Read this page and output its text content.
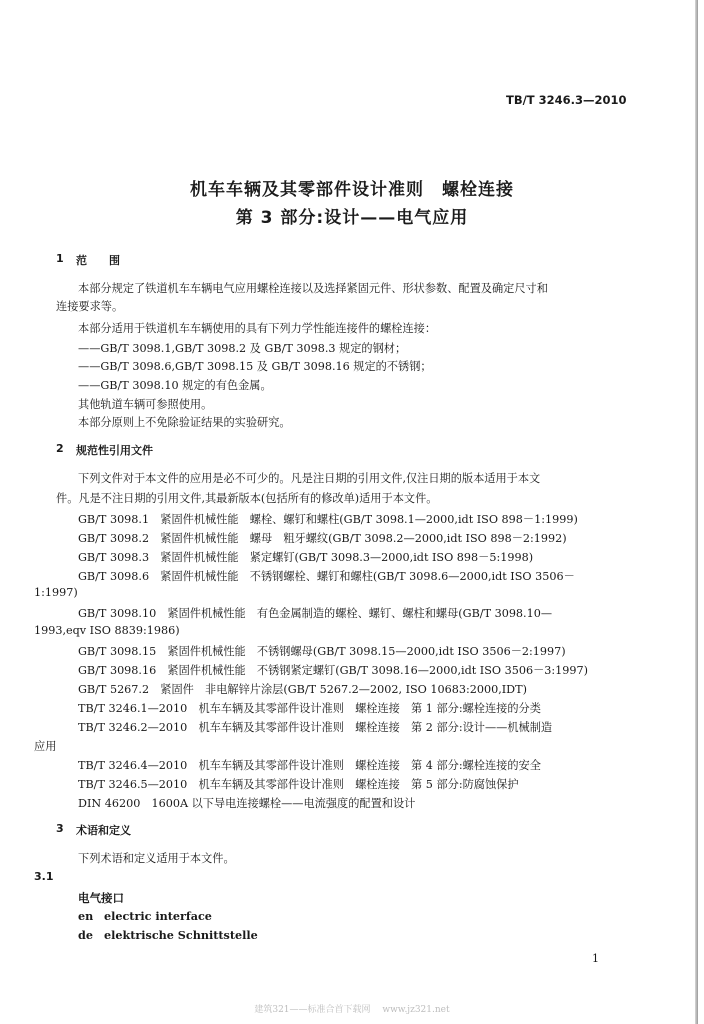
TB/T 3246.3—2010
机车车辆及其零部件设计准则　螺栓连接
第 3 部分:设计——电气应用
1 范　　围
本部分规定了铁道机车车辆电气应用螺栓连接以及选择紧固元件、形状参数、配置及确定尺寸和
连接要求等。
本部分适用于铁道机车车辆使用的具有下列力学性能连接件的螺栓连接：
——GB/T 3098.1,GB/T 3098.2 及 GB/T 3098.3 规定的钢材；
——GB/T 3098.6,GB/T 3098.15 及 GB/T 3098.16 规定的不锈钢；
——GB/T 3098.10 规定的有色金属。
其他轨道车辆可参照使用。
本部分原则上不免除验证结果的实验研究。
2 规范性引用文件
下列文件对于本文件的应用是必不可少的。凡是注日期的引用文件,仅注日期的版本适用于本文
件。凡是不注日期的引用文件,其最新版本(包括所有的修改单)适用于本文件。
GB/T 3098.1　紧固件机械性能　螺栓、螺钉和螺柱(GB/T 3098.1—2000,idt ISO 898－1:1999)
GB/T 3098.2　紧固件机械性能　螺母　粗牙螺纹(GB/T 3098.2—2000,idt ISO 898－2:1992)
GB/T 3098.3　紧固件机械性能　紧定螺钉(GB/T 3098.3—2000,idt ISO 898－5:1998)
GB/T 3098.6　紧固件机械性能　不锈钢螺栓、螺钉和螺柱(GB/T 3098.6—2000,idt ISO 3506－
1:1997)
GB/T 3098.10　紧固件机械性能　有色金属制造的螺栓、螺钉、螺柱和螺母(GB/T 3098.10—
1993,eqv ISO 8839:1986)
GB/T 3098.15　紧固件机械性能　不锈钢螺母(GB/T 3098.15—2000,idt ISO 3506－2:1997)
GB/T 3098.16　紧固件机械性能　不锈钢紧定螺钉(GB/T 3098.16—2000,idt ISO 3506－3:1997)
GB/T 5267.2　紧固件　非电解锌片涂层(GB/T 5267.2—2002, ISO 10683:2000,IDT)
TB/T 3246.1—2010　机车车辆及其零部件设计准则　螺栓连接　第 1 部分:螺栓连接的分类
TB/T 3246.2—2010　机车车辆及其零部件设计准则　螺栓连接　第 2 部分:设计——机械制造
应用
TB/T 3246.4—2010　机车车辆及其零部件设计准则　螺栓连接　第 4 部分:螺栓连接的安全
TB/T 3246.5—2010　机车车辆及其零部件设计准则　螺栓连接　第 5 部分:防腐蚀保护
DIN 46200　1600A 以下导电连接螺栓——电流强度的配置和设计
3 术语和定义
下列术语和定义适用于本文件。
3.1
电气接口
en electric interface
de elektrische Schnittstelle
1
建筑321——标准合首下载网　 www.jz321.net
